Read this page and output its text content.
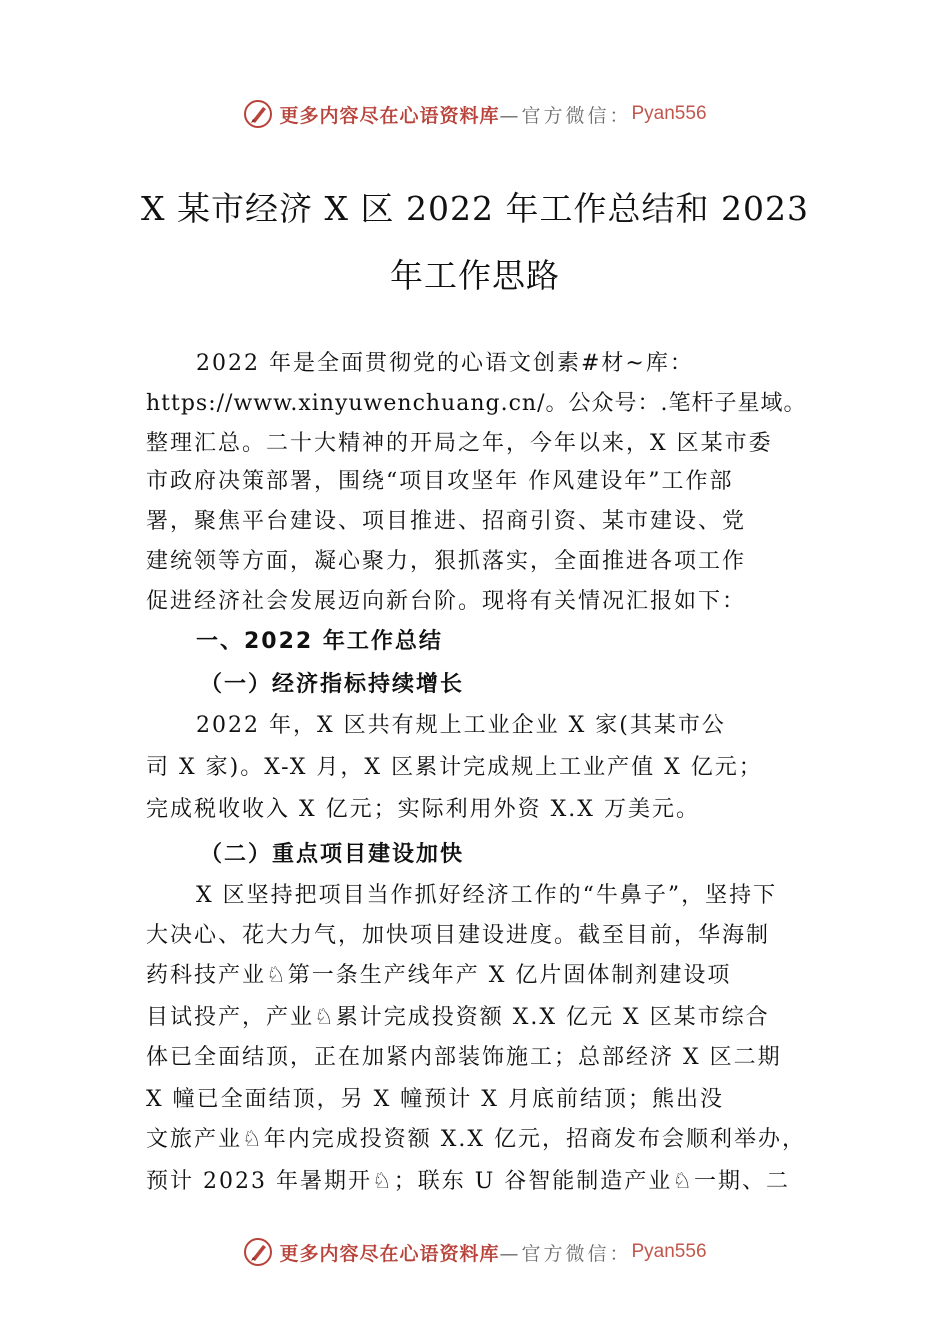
更多内容尽在心语资料库 —官方微信： Pyan556
X 某市经济 X 区 2022 年工作总结和 2023
年工作思路
2022 年是全面贯彻党的心语文创素#材~库：
https://www.xinyuwenchuang.cn/。公众号：.笔杆子星域。
整理汇总。二十大精神的开局之年，今年以来，X 区某市委
市政府决策部署，围绕“项目攻坚年 作风建设年”工作部
署，聚焦平台建设、项目推进、招商引资、某市建设、党
建统领等方面，凝心聚力，狠抓落实，全面推进各项工作
促进经济社会发展迈向新台阶。现将有关情况汇报如下：
一、2022 年工作总结
（一）经济指标持续增长
2022 年，X 区共有规上工业企业 X 家(其某市公
司 X 家)。X-X 月，X 区累计完成规上工业产值 X 亿元；
完成税收收入 X 亿元；实际利用外资 X.X 万美元。
（二）重点项目建设加快
X 区坚持把项目当作抓好经济工作的“牛鼻子”，坚持下
大决心、花大力气，加快项目建设进度。截至目前，华海制
药科技产业♘第一条生产线年产 X 亿片固体制剂建设项
目试投产，产业♘累计完成投资额 X.X 亿元 X 区某市综合
体已全面结顶，正在加紧内部装饰施工；总部经济 X 区二期
X 幢已全面结顶，另 X 幢预计 X 月底前结顶；熊出没
文旅产业♘年内完成投资额 X.X 亿元，招商发布会顺利举办，
预计 2023 年暑期开♘；联东 U 谷智能制造产业♘一期、二
更多内容尽在心语资料库 —官方微信： Pyan556
